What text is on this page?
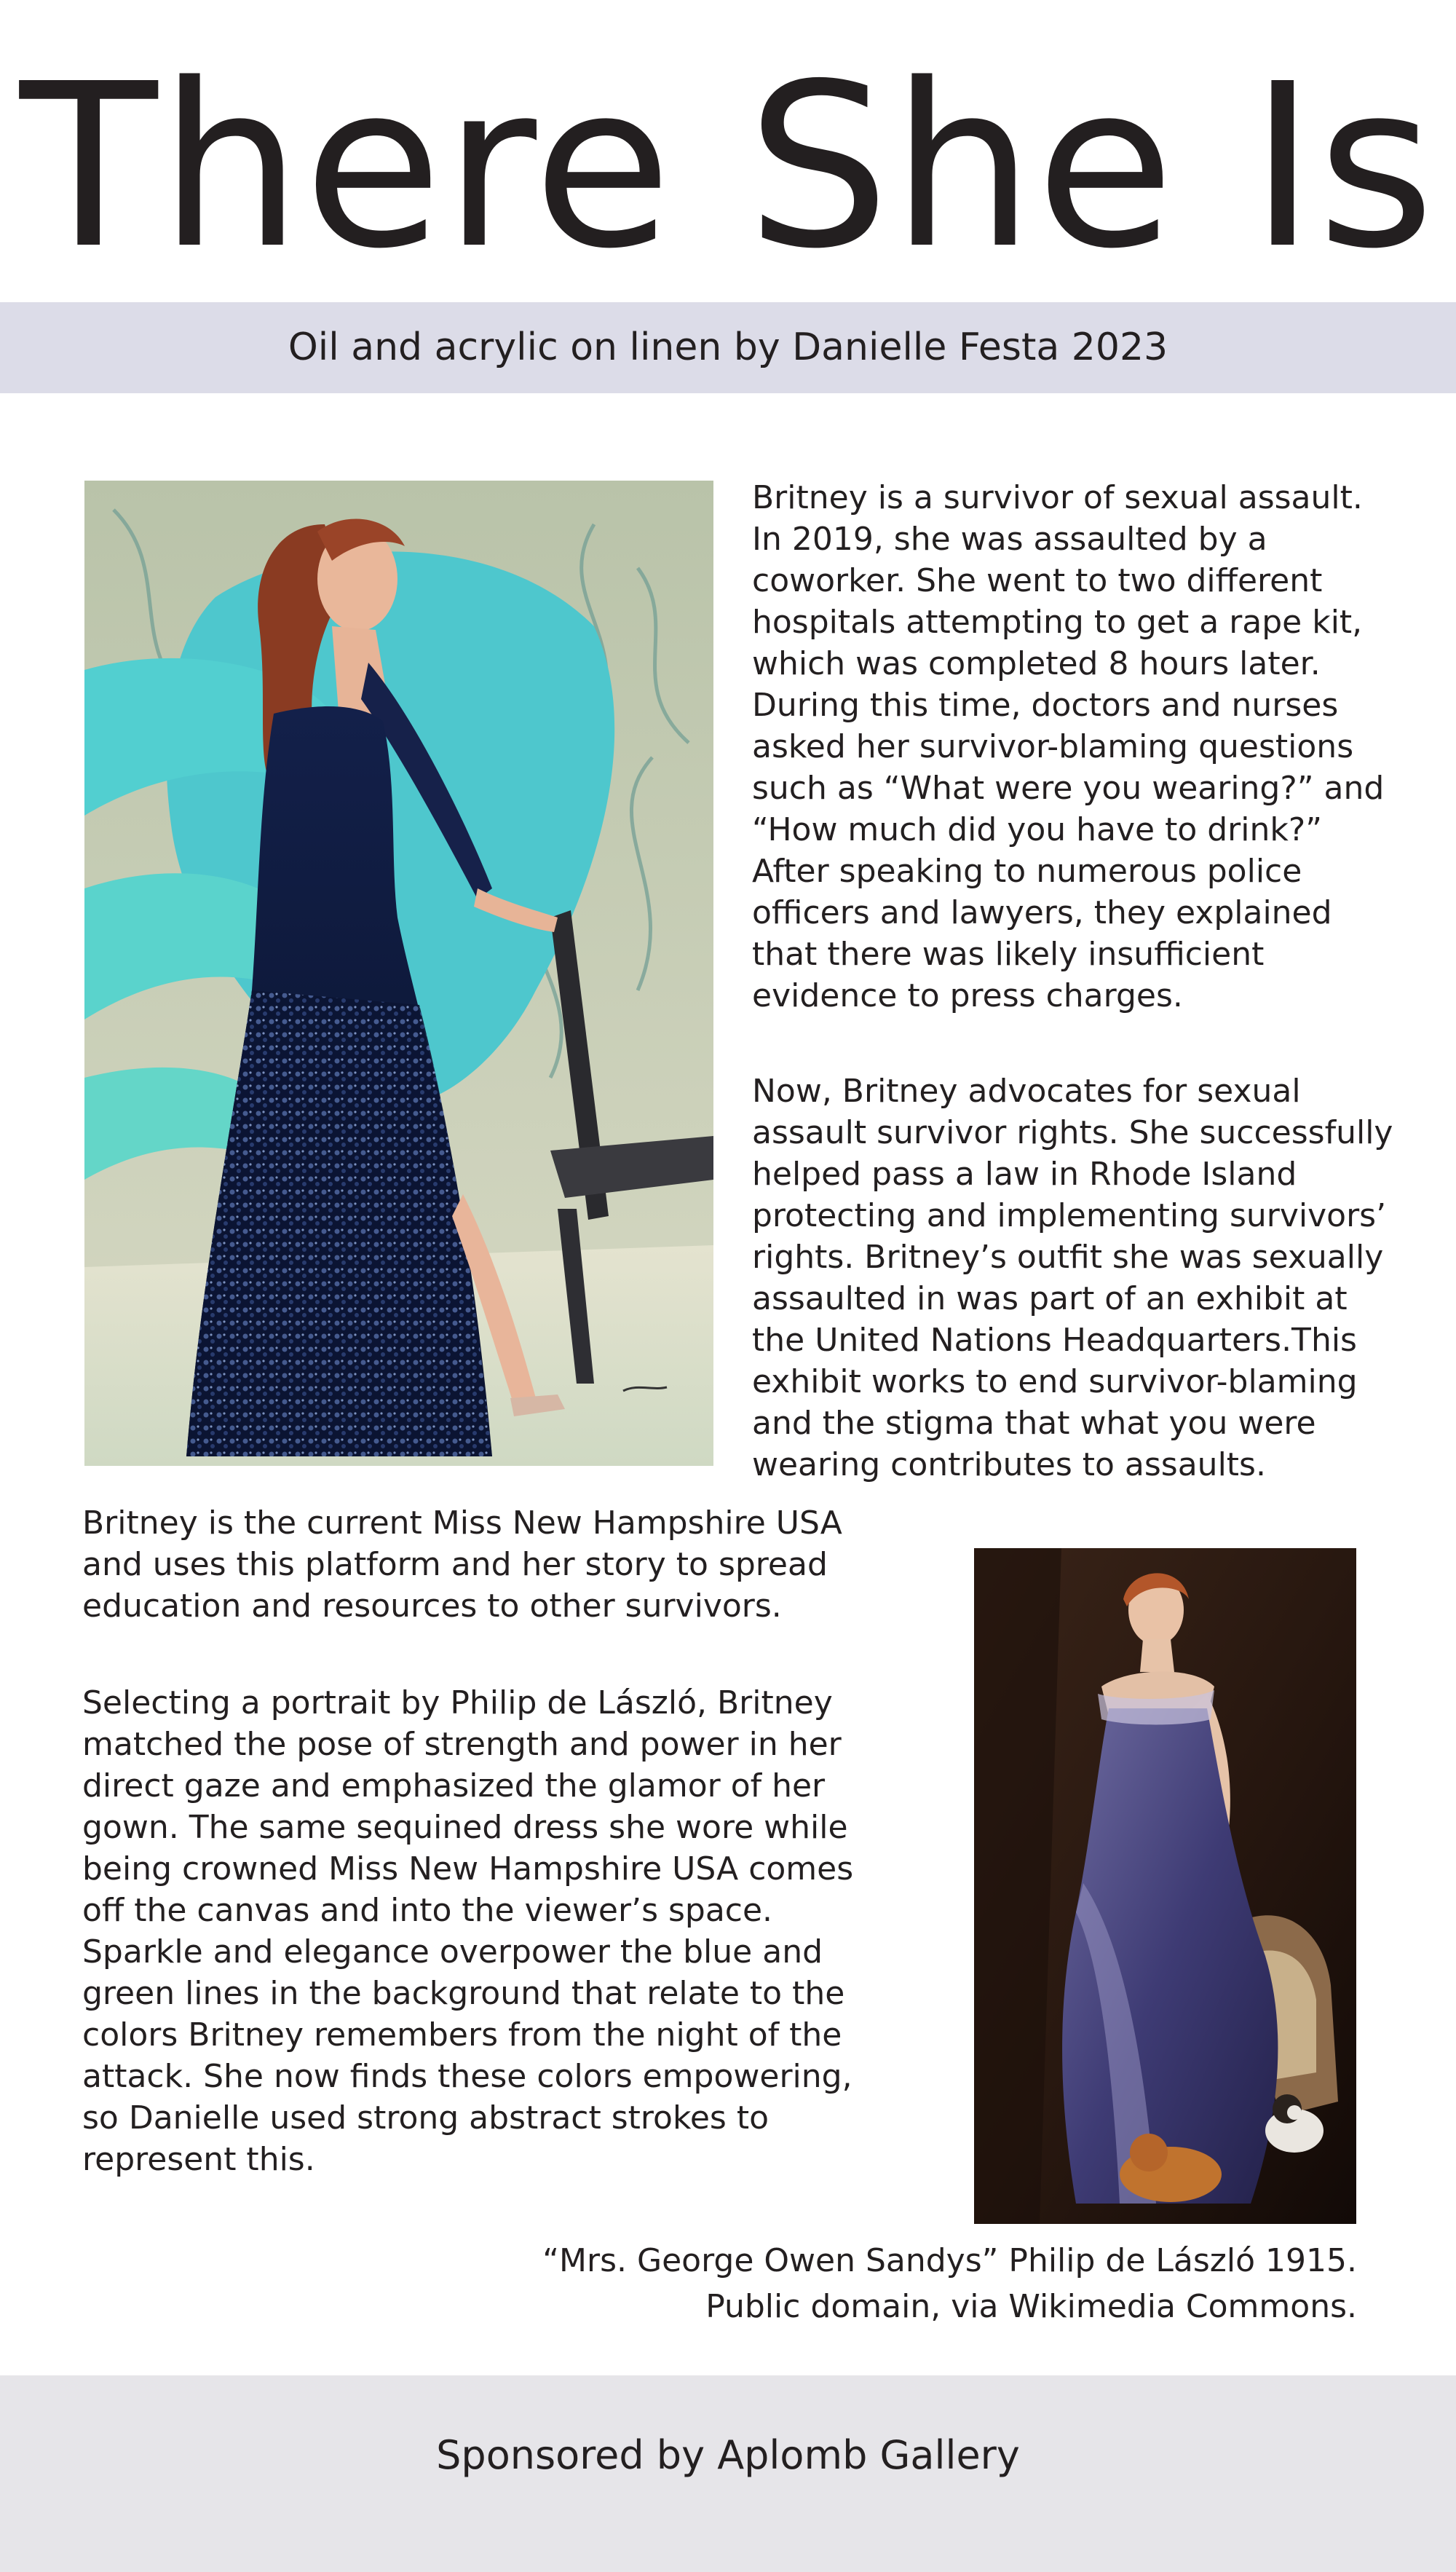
There She Is
Oil and acrylic on linen by Danielle Festa 2023
Britney is a survivor of sexual assault.
In 2019, she was assaulted by a
coworker. She went to two different
hospitals attempting to get a rape kit,
which was completed 8 hours later.
During this time, doctors and nurses
asked her survivor-blaming questions
such as “What were you wearing?” and
“How much did you have to drink?”
After speaking to numerous police
officers and lawyers, they explained
that there was likely insufficient
evidence to press charges.
Now, Britney advocates for sexual
assault survivor rights. She successfully
helped pass a law in Rhode Island
protecting and implementing survivors’
rights. Britney’s outfit she was sexually
assaulted in was part of an exhibit at
the United Nations Headquarters.This
exhibit works to end survivor-blaming
and the stigma that what you were
wearing contributes to assaults.
Britney is the current Miss New Hampshire USA
and uses this platform and her story to spread
education and resources to other survivors.
Selecting a portrait by Philip de László, Britney
matched the pose of strength and power in her
direct gaze and emphasized the glamor of her
gown. The same sequined dress she wore while
being crowned Miss New Hampshire USA comes
off the canvas and into the viewer’s space.
Sparkle and elegance overpower the blue and
green lines in the background that relate to the
colors Britney remembers from the night of the
attack. She now finds these colors empowering,
so Danielle used strong abstract strokes to
represent this.
“Mrs. George Owen Sandys” Philip de László 1915.
Public domain, via Wikimedia Commons.
Sponsored by Aplomb Gallery
